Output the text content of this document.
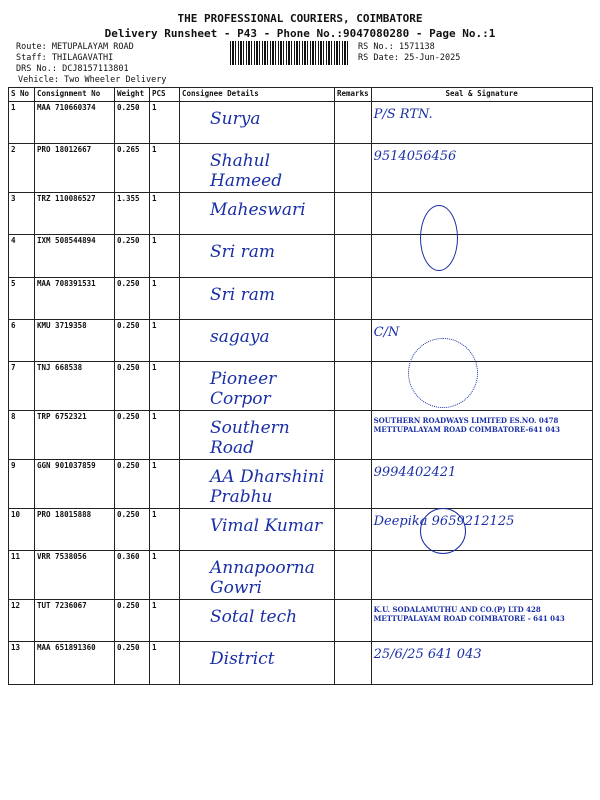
THE PROFESSIONAL COURIERS, COIMBATORE
Delivery Runsheet - P43 - Phone No.:9047080280 - Page No.:1
Route: METUPALAYAM ROAD
Staff: THILAGAVATHI
DRS No.: DCJ8157113801
Vehicle: Two Wheeler Delivery
RS No.: 1571138
RS Date: 25-Jun-2025
S No	Consignment No	Weight	PCS	Consignee Details	Remarks	Seal & Signature
1	MAA 710660374	0.250	1	Surya		P/S RTN.

2	PRO 18012667	0.265	1	Shahul Hameed		9514056456

3	TRZ 110086527	1.355	1	Maheswari		

4	IXM 508544894	0.250	1	Sri ram		

5	MAA 708391531	0.250	1	Sri ram		

6	KMU 3719358	0.250	1	sagaya		C/N

7	TNJ 668538	0.250	1	Pioneer Corpor		

8	TRP 6752321	0.250	1	Southern Road		SOUTHERN ROADWAYS LIMITED ES.NO. 0478 METTUPALAYAM ROAD COIMBATORE-641 043

9	GGN 901037859	0.250	1	AA Dharshini Prabhu		9994402421

10	PRO 18015888	0.250	1	Vimal Kumar		Deepika 9659212125

11	VRR 7538056	0.360	1	Annapoorna Gowri		

12	TUT 7236067	0.250	1	Sotal tech		K.U. SODALAMUTHU AND CO.(P) LTD 428 METTUPALAYAM ROAD COIMBATORE - 641 043

13	MAA 651891360	0.250	1	District		25/6/25 641 043
